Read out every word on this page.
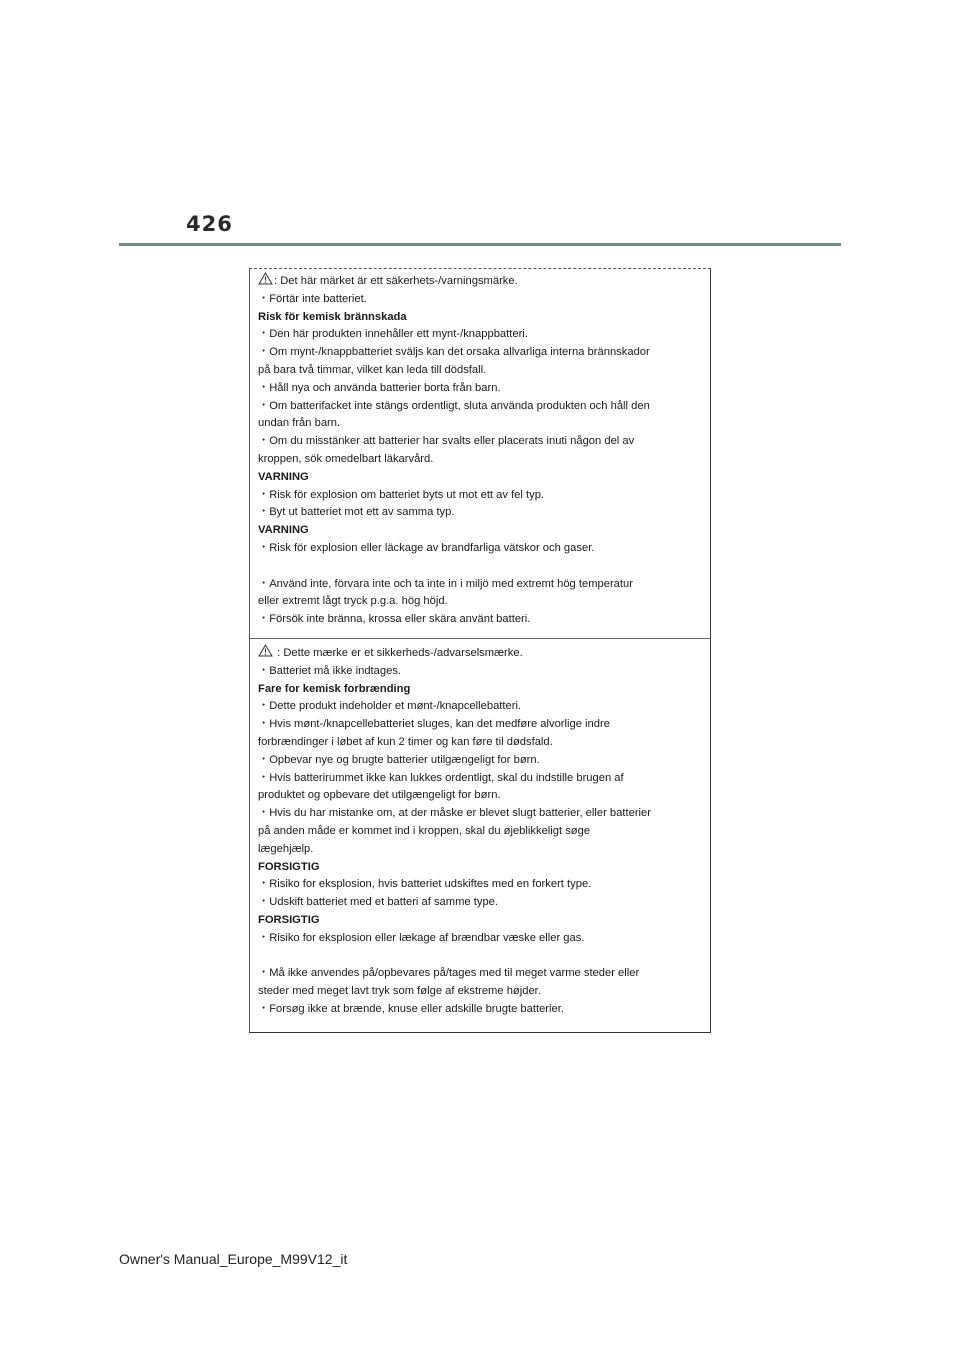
426
: Det här märket är ett säkerhets-/varningsmärke.
・Förtär inte batteriet.
Risk för kemisk brännskada
・Den här produkten innehåller ett mynt-/knappbatteri.
・Om mynt-/knappbatteriet sväljs kan det orsaka allvarliga interna brännskador
på bara två timmar, vilket kan leda till dödsfall.
・Håll nya och använda batterier borta från barn.
・Om batterifacket inte stängs ordentligt, sluta använda produkten och håll den
undan från barn.
・Om du misstänker att batterier har svalts eller placerats inuti någon del av
kroppen, sök omedelbart läkarvård.
VARNING
・Risk för explosion om batteriet byts ut mot ett av fel typ.
・Byt ut batteriet mot ett av samma typ.
VARNING
・Risk för explosion eller läckage av brandfarliga vätskor och gaser.
・Använd inte, förvara inte och ta inte in i miljö med extremt hög temperatur
eller extremt lågt tryck p.g.a. hög höjd.
・Försök inte bränna, krossa eller skära använt batteri.
: Dette mærke er et sikkerheds-/advarselsmærke.
・Batteriet må ikke indtages.
Fare for kemisk forbrænding
・Dette produkt indeholder et mønt-/knapcellebatteri.
・Hvis mønt-/knapcellebatteriet sluges, kan det medføre alvorlige indre
forbrændinger i løbet af kun 2 timer og kan føre til dødsfald.
・Opbevar nye og brugte batterier utilgængeligt for børn.
・Hvis batterirummet ikke kan lukkes ordentligt, skal du indstille brugen af
produktet og opbevare det utilgængeligt for børn.
・Hvis du har mistanke om, at der måske er blevet slugt batterier, eller batterier
på anden måde er kommet ind i kroppen, skal du øjeblikkeligt søge
lægehjælp.
FORSIGTIG
・Risiko for eksplosion, hvis batteriet udskiftes med en forkert type.
・Udskift batteriet med et batteri af samme type.
FORSIGTIG
・Risiko for eksplosion eller lækage af brændbar væske eller gas.
・Må ikke anvendes på/opbevares på/tages med til meget varme steder eller
steder med meget lavt tryk som følge af ekstreme højder.
・Forsøg ikke at brænde, knuse eller adskille brugte batterier.
Owner's Manual_Europe_M99V12_it
